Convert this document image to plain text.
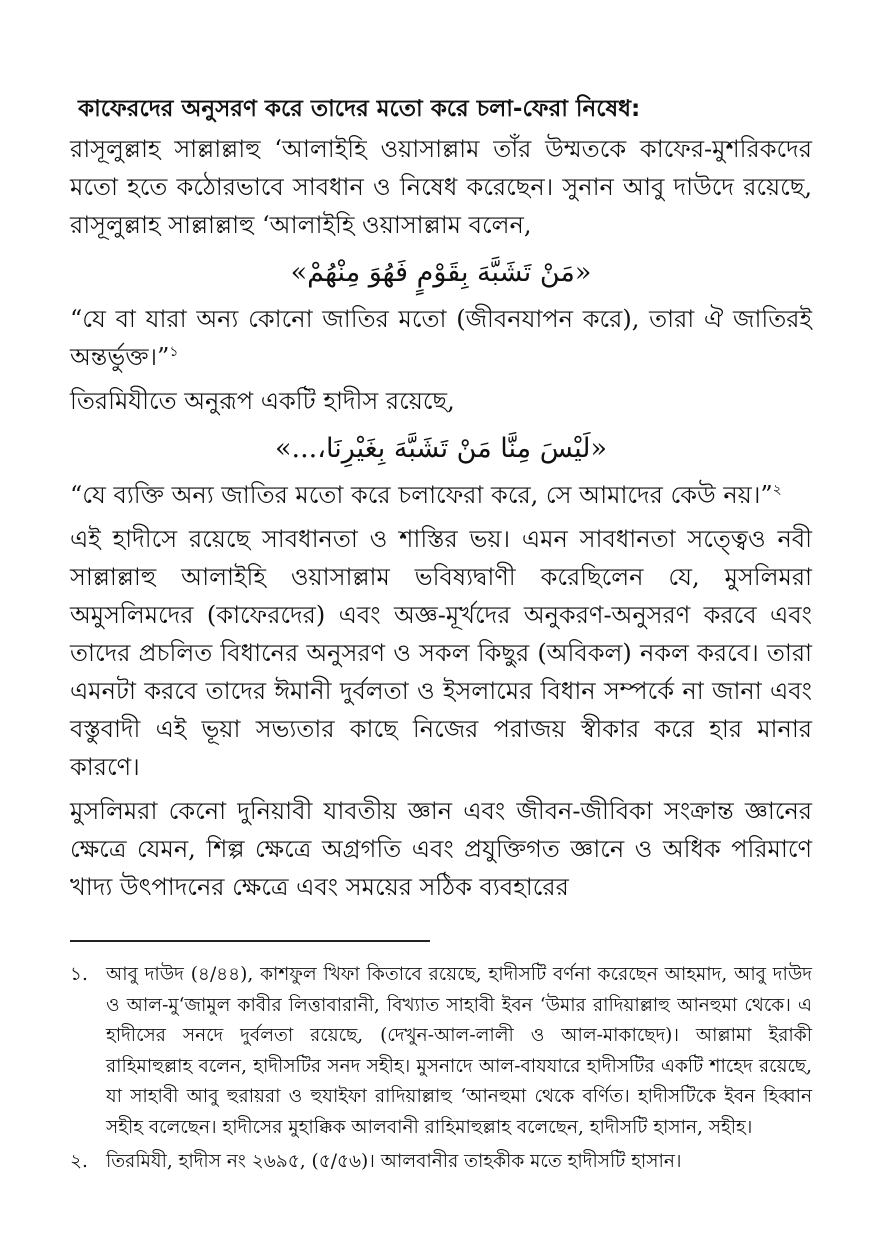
কাফেরদের অনুসরণ করে তাদের মতো করে চলা-ফেরা নিষেধ:

রাসূলুল্লাহ সাল্লাল্লাহু ‘আলাইহি ওয়াসাল্লাম তাঁর উম্মতকে কাফের-মুশরিকদের মতো হতে কঠোরভাবে সাবধান ও নিষেধ করেছেন। সুনান আবু দাউদে রয়েছে, রাসূলুল্লাহ সাল্লাল্লাহু ‘আলাইহি ওয়াসাল্লাম বলেন,

«مَنْ تَشَبَّهَ بِقَوْمٍ فَهُوَ مِنْهُمْ»

“যে বা যারা অন্য কোনো জাতির মতো (জীবনযাপন করে), তারা ঐ জাতিরই অন্তর্ভুক্ত।”$^১$

তিরমিযীতে অনুরূপ একটি হাদীস রয়েছে,

«لَيْسَ مِنَّا مَنْ تَشَبَّهَ بِغَيْرِنَا،...»

“যে ব্যক্তি অন্য জাতির মতো করে চলাফেরা করে, সে আমাদের কেউ নয়।”$^২$

এই হাদীসে রয়েছে সাবধানতা ও শাস্তির ভয়। এমন সাবধানতা সত্ত্বেও নবী সাল্লাল্লাহু আলাইহি ওয়াসাল্লাম ভবিষ্যদ্বাণী করেছিলেন যে, মুসলিমরা অমুসলিমদের (কাফেরদের) এবং অজ্ঞ-মূর্খদের অনুকরণ-অনুসরণ করবে এবং তাদের প্রচলিত বিধানের অনুসরণ ও সকল কিছুর (অবিকল) নকল করবে। তারা এমনটা করবে তাদের ঈমানী দুর্বলতা ও ইসলামের বিধান সম্পর্কে না জানা এবং বস্তুবাদী এই ভূয়া সভ্যতার কাছে নিজের পরাজয় স্বীকার করে হার মানার কারণে।

মুসলিমরা কেনো দুনিয়াবী যাবতীয় জ্ঞান এবং জীবন-জীবিকা সংক্রান্ত জ্ঞানের ক্ষেত্রে যেমন, শিল্প ক্ষেত্রে অগ্রগতি এবং প্রযুক্তিগত জ্ঞানে ও অধিক পরিমাণে খাদ্য উৎপাদনের ক্ষেত্রে এবং সময়ের সঠিক ব্যবহারের

১. আবু দাউদ (৪/৪৪), কাশফুল খিফা কিতাবে রয়েছে, হাদীসটি বর্ণনা করেছেন আহমাদ, আবু দাউদ ও আল-মু‘জামুল কাবীর লিত্তাবারানী, বিখ্যাত সাহাবী ইবন ‘উমার রাদিয়াল্লাহু আনহুমা থেকে। এ হাদীসের সনদে দুর্বলতা রয়েছে, (দেখুন-আল-লালী ও আল-মাকাছেদ)। আল্লামা ইরাকী রাহিমাহুল্লাহ বলেন, হাদীসটির সনদ সহীহ। মুসনাদে আল-বাযযারে হাদীসটির একটি শাহেদ রয়েছে, যা সাহাবী আবু হুরায়রা ও হুযাইফা রাদিয়াল্লাহু ‘আনহুমা থেকে বর্ণিত। হাদীসটিকে ইবন হিব্বান সহীহ বলেছেন। হাদীসের মুহাক্কিক আলবানী রাহিমাহুল্লাহ বলেছেন, হাদীসটি হাসান, সহীহ।
২. তিরমিযী, হাদীস নং ২৬৯৫, (৫/৫৬)। আলবানীর তাহকীক মতে হাদীসটি হাসান।
